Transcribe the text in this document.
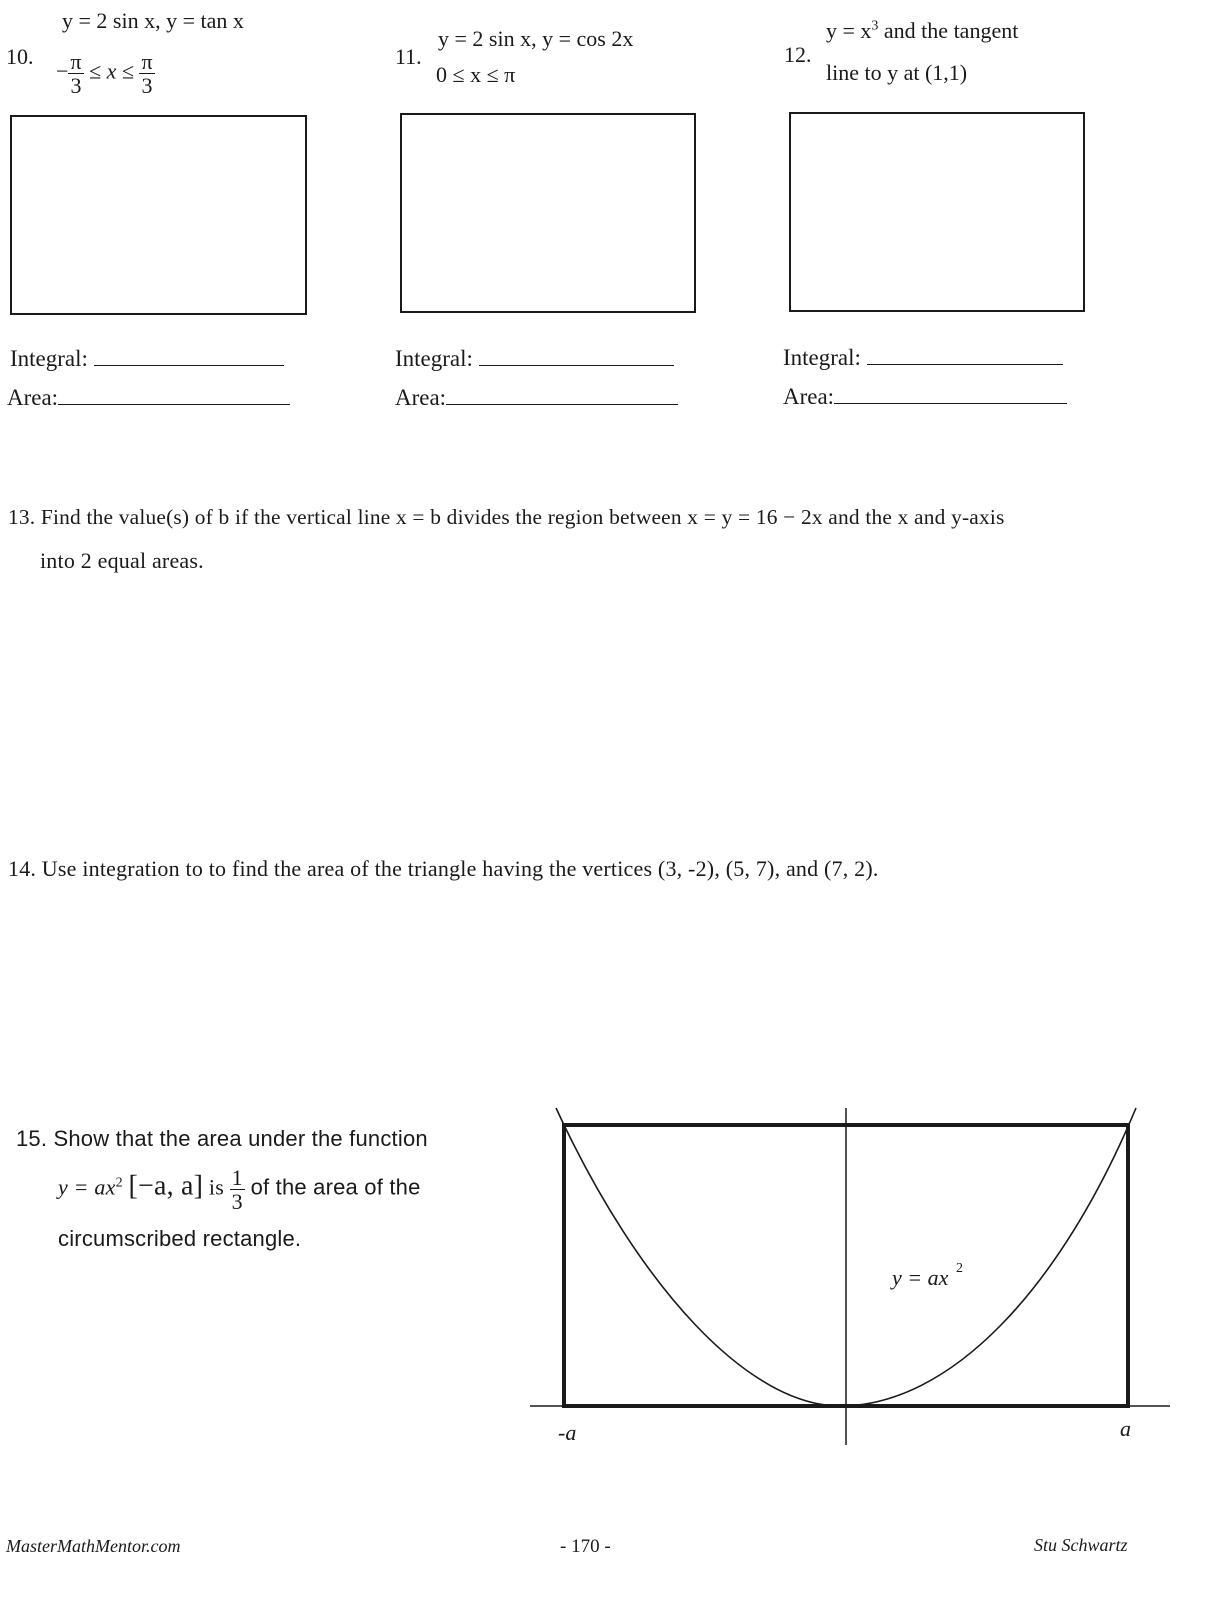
10.
y = 2 sin x, y = tan x
− $\frac{\pi}{3} \le x \le \frac{\pi}{3}$
Integral:
Area:
11.
y = 2 sin x, y = cos 2x
0 ≤ x ≤ π
Integral:
Area:
12.
$y = x^3$ and the tangent
line to y at (1,1)
Integral:
Area:
13. Find the value(s) of b if the vertical line x = b divides the region between x = y = 16 − 2x and the x and y-axis
into 2 equal areas.
14. Use integration to to find the area of the triangle having the vertices (3, -2), (5, 7), and (7, 2).
15. Show that the area under the function
$y = ax^2$ [−a, a] is $\frac{1}{3}$ of the area of the
circumscribed rectangle.
y = ax 2
-a	a
MasterMathMentor.com	- 170 -	Stu Schwartz
